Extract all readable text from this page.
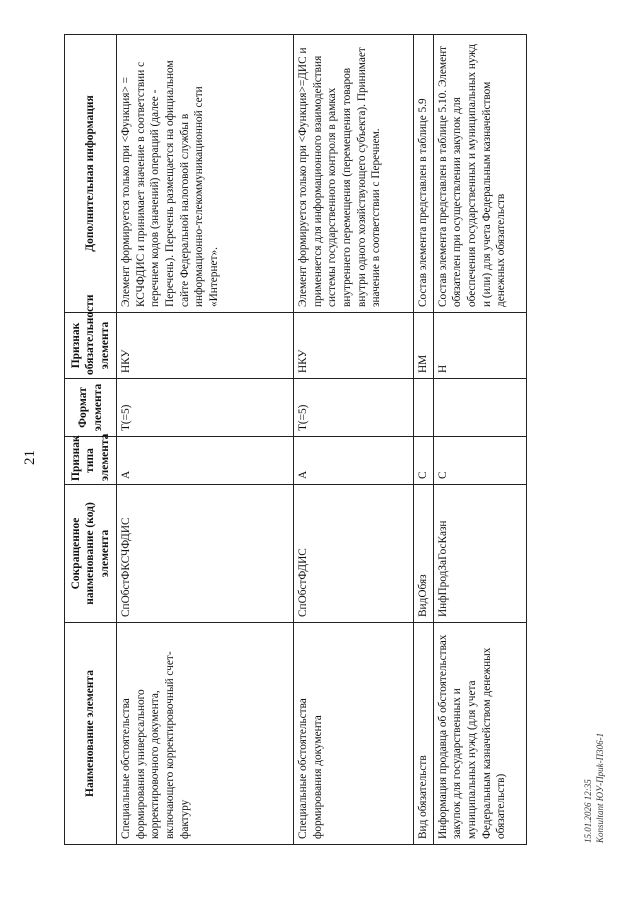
21
Наименование элемента	Сокращенное наименование (код) элемента	Признак типа элемента	Формат элемента	Признак обязательности элемента	Дополнительная информация
Специальные обстоятельства формирования универсального корректировочного документа, включающего корректировочный счет-фактуру	СпОбстФКСЧФДИС	А	T(=5)	НКУ	Элемент формируется только при <Функция> = КСЧФДИС и принимает значение в соответствии с перечнем кодов (значений) операций (далее - Перечень). Перечень размещается на официальном сайте Федеральной налоговой службы в информационно-телекоммуникационной сети «Интернет».
Специальные обстоятельства формирования документа	СпОбстФДИС	А	T(=5)	НКУ	Элемент формируется только при <Функция>=ДИС и применяется для информационного взаимодействия системы государственного контроля в рамках внутреннего перемещения (перемещения товаров внутри одного хозяйствующего субъекта). Принимает значение в соответствии с Перечнем.
Вид обязательств	ВидОбяз	С		НМ	Состав элемента представлен в таблице 5.9
Информация продавца об обстоятельствах закупок для государственных и муниципальных нужд (для учета Федеральным казначейством денежных обязательств)	ИнфПродЗаГосКазн	С		Н	Состав элемента представлен в таблице 5.10. Элемент обязателен при осуществлении закупок для обеспечения государственных и муниципальных нужд и (или) для учета Федеральным казначейством денежных обязательств
15.01.2026 12:35 Konsultant ЮУ-Приk-П306-1
